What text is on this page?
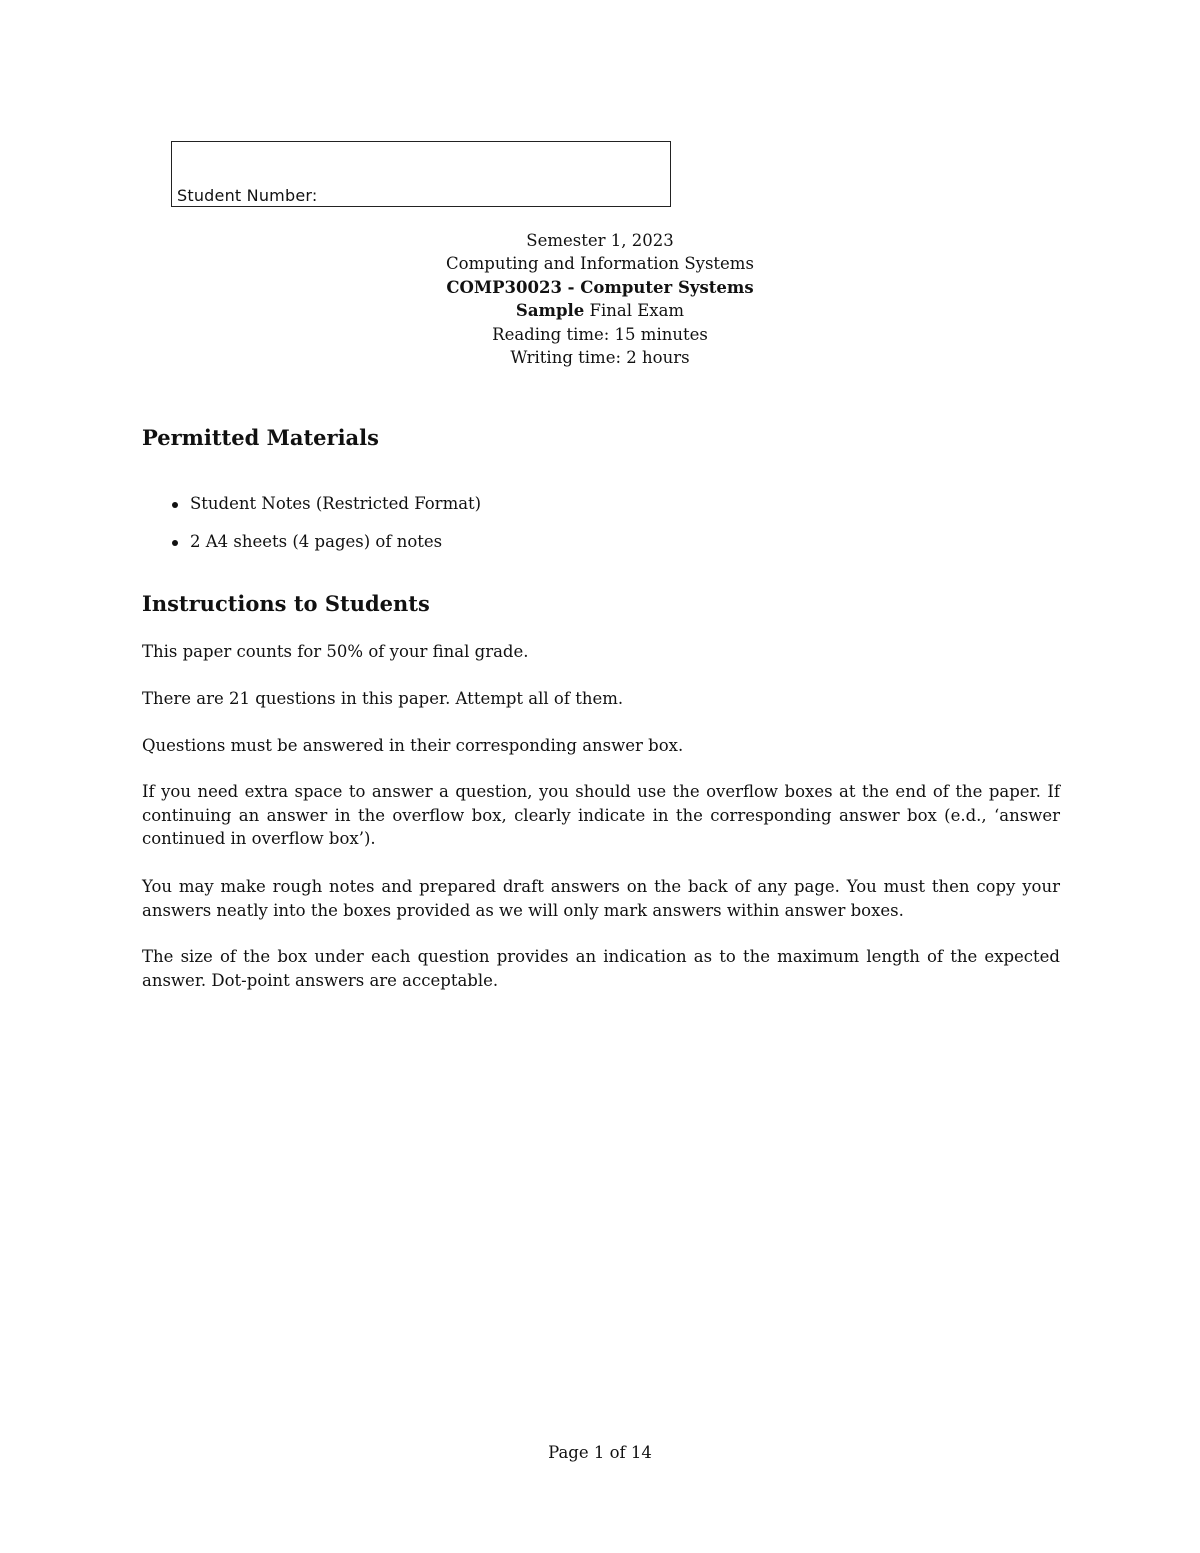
Student Number:
Semester 1, 2023
Computing and Information Systems
COMP30023 - Computer Systems
Sample Final Exam
Reading time: 15 minutes
Writing time: 2 hours
Permitted Materials
Student Notes (Restricted Format)
2 A4 sheets (4 pages) of notes
Instructions to Students

This paper counts for 50% of your final grade.

There are 21 questions in this paper. Attempt all of them.

Questions must be answered in their corresponding answer box.

If you need extra space to answer a question, you should use the overflow boxes at the end of the paper. If continuing an answer in the overflow box, clearly indicate in the corresponding answer box (e.d., ‘answer continued in overflow box’).

You may make rough notes and prepared draft answers on the back of any page. You must then copy your answers neatly into the boxes provided as we will only mark answers within answer boxes.

The size of the box under each question provides an indication as to the maximum length of the expected answer. Dot-point answers are acceptable.

Page 1 of 14
